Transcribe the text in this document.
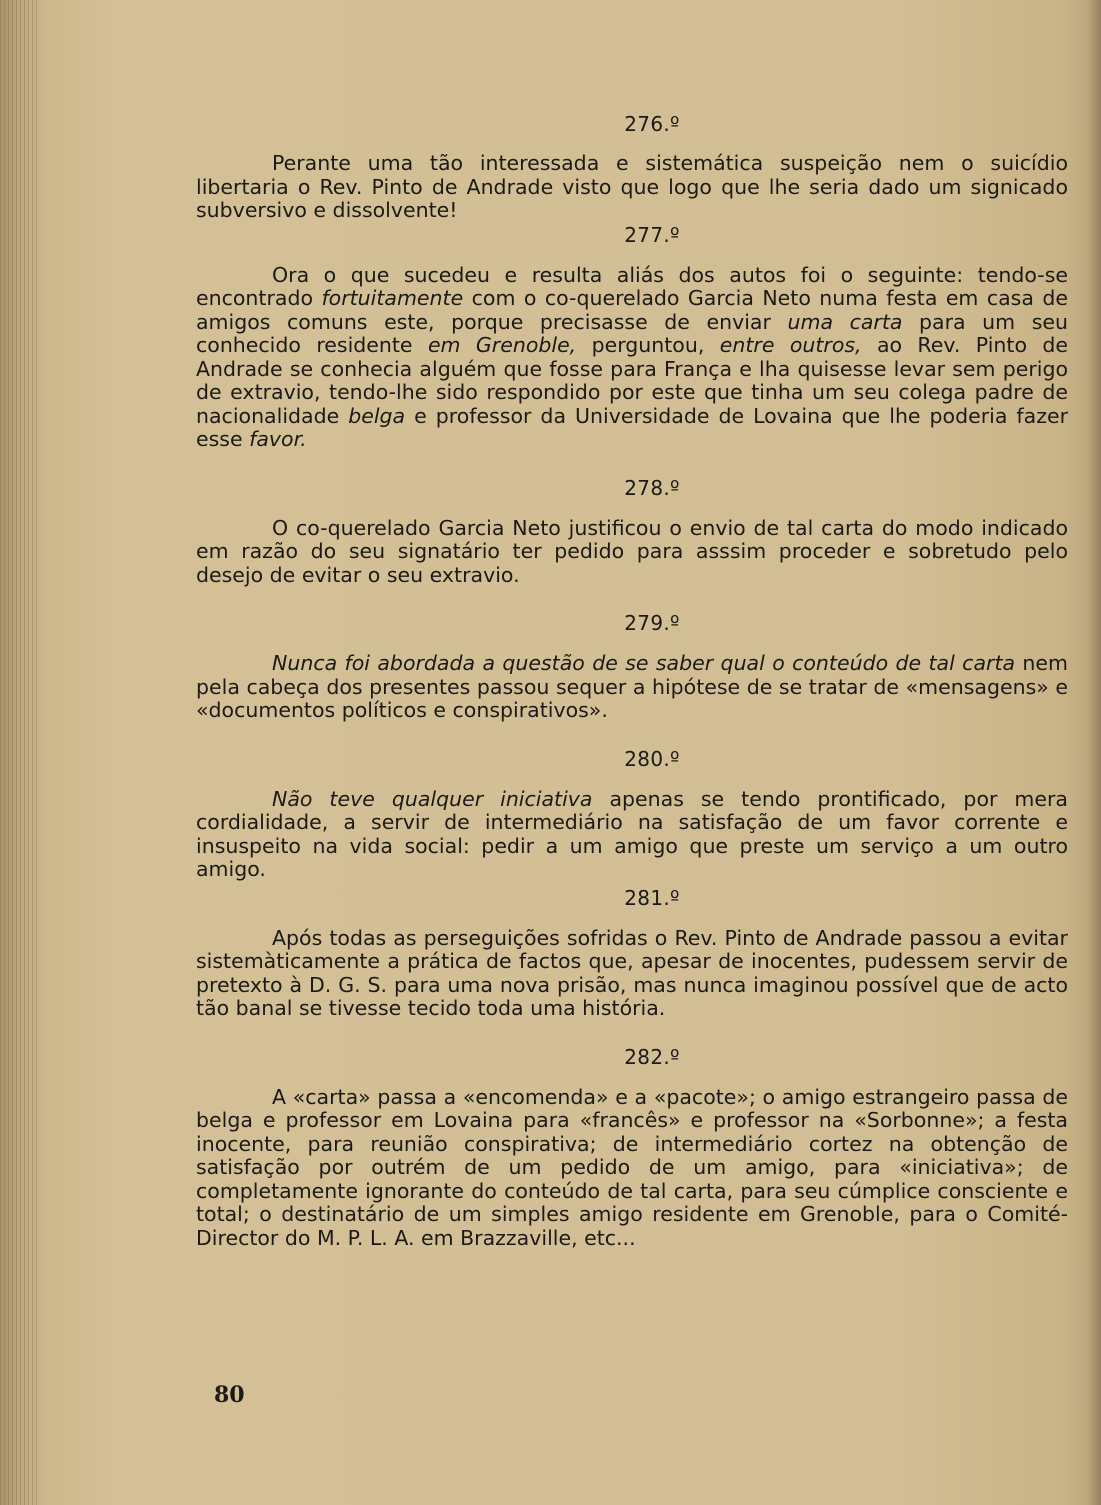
276.º

Perante uma tão interessada e sistemática suspeição nem o suicídio libertaria o Rev. Pinto de Andrade visto que logo que lhe seria dado um signicado subversivo e dissolvente!

277.º

Ora o que sucedeu e resulta aliás dos autos foi o seguinte: tendo-se encontrado fortuitamente com o co-querelado Garcia Neto numa festa em casa de amigos comuns este, porque precisasse de enviar uma carta para um seu conhecido residente em Grenoble, perguntou, entre outros, ao Rev. Pinto de Andrade se conhecia alguém que fosse para França e lha quisesse levar sem perigo de extravio, tendo-lhe sido respondido por este que tinha um seu colega padre de nacionalidade belga e professor da Universidade de Lovaina que lhe poderia fazer esse favor.

278.º

O co-querelado Garcia Neto justificou o envio de tal carta do modo indicado em razão do seu signatário ter pedido para asssim proceder e sobretudo pelo desejo de evitar o seu extravio.

279.º

Nunca foi abordada a questão de se saber qual o conteúdo de tal carta nem pela cabeça dos presentes passou sequer a hipótese de se tratar de «mensagens» e «documentos políticos e conspirativos».

280.º

Não teve qualquer iniciativa apenas se tendo prontificado, por mera cordialidade, a servir de intermediário na satisfação de um favor corrente e insuspeito na vida social: pedir a um amigo que preste um serviço a um outro amigo.

281.º

Após todas as perseguições sofridas o Rev. Pinto de Andrade passou a evitar sistemàticamente a prática de factos que, apesar de inocentes, pudessem servir de pretexto à D. G. S. para uma nova prisão, mas nunca imaginou possível que de acto tão banal se tivesse tecido toda uma história.

282.º

A «carta» passa a «encomenda» e a «pacote»; o amigo estrangeiro passa de belga e professor em Lovaina para «francês» e professor na «Sorbonne»; a festa inocente, para reunião conspirativa; de intermediário cortez na obtenção de satisfação por outrém de um pedido de um amigo, para «iniciativa»; de completamente ignorante do conteúdo de tal carta, para seu cúmplice consciente e total; o destinatário de um simples amigo residente em Grenoble, para o Comité-Director do M. P. L. A. em Brazzaville, etc...

80
